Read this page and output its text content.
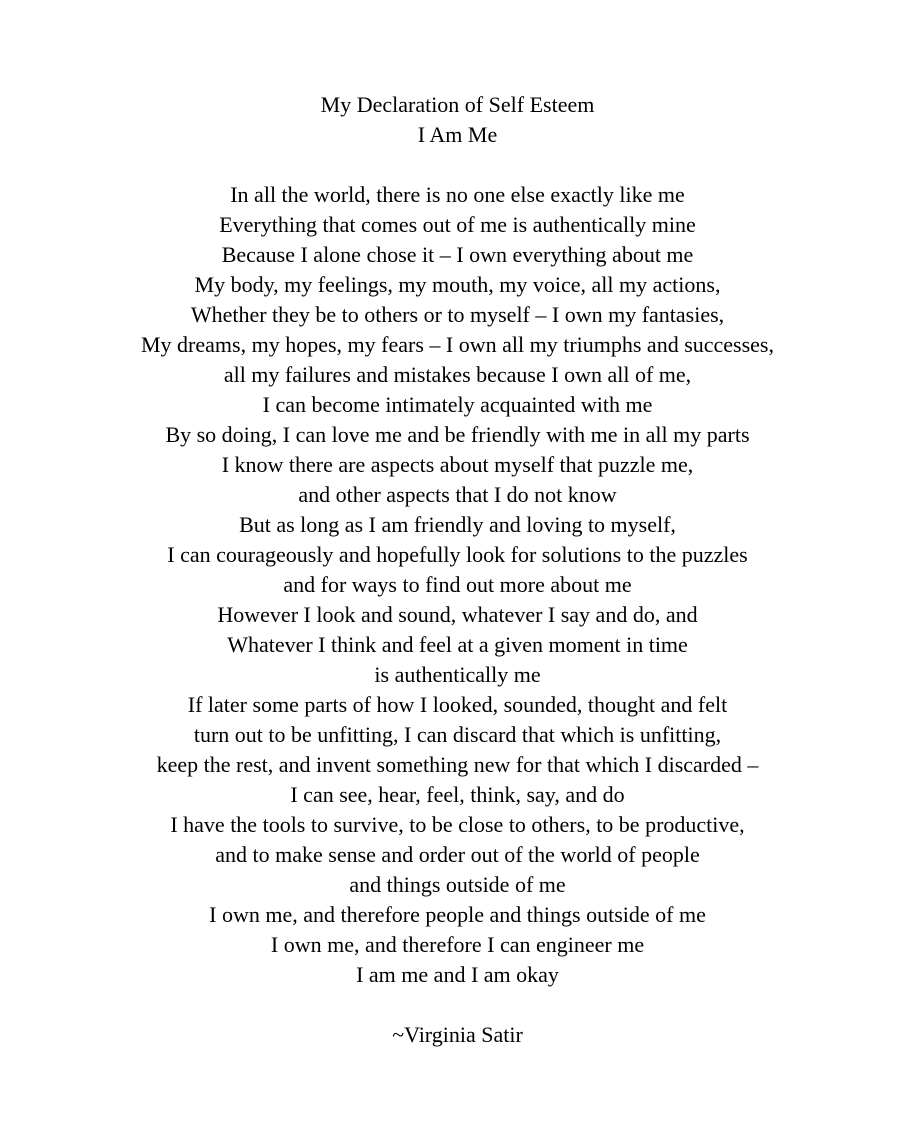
My Declaration of Self Esteem
I Am Me
In all the world, there is no one else exactly like me
Everything that comes out of me is authentically mine
Because I alone chose it – I own everything about me
My body, my feelings, my mouth, my voice, all my actions,
Whether they be to others or to myself – I own my fantasies,
My dreams, my hopes, my fears – I own all my triumphs and successes,
all my failures and mistakes because I own all of me,
I can become intimately acquainted with me
By so doing, I can love me and be friendly with me in all my parts
I know there are aspects about myself that puzzle me,
and other aspects that I do not know
But as long as I am friendly and loving to myself,
I can courageously and hopefully look for solutions to the puzzles
and for ways to find out more about me
However I look and sound, whatever I say and do, and
Whatever I think and feel at a given moment in time
is authentically me
If later some parts of how I looked, sounded, thought and felt
turn out to be unfitting, I can discard that which is unfitting,
keep the rest, and invent something new for that which I discarded –
I can see, hear, feel, think, say, and do
I have the tools to survive, to be close to others, to be productive,
and to make sense and order out of the world of people
and things outside of me
I own me, and therefore people and things outside of me
I own me, and therefore I can engineer me
I am me and I am okay
~Virginia Satir
